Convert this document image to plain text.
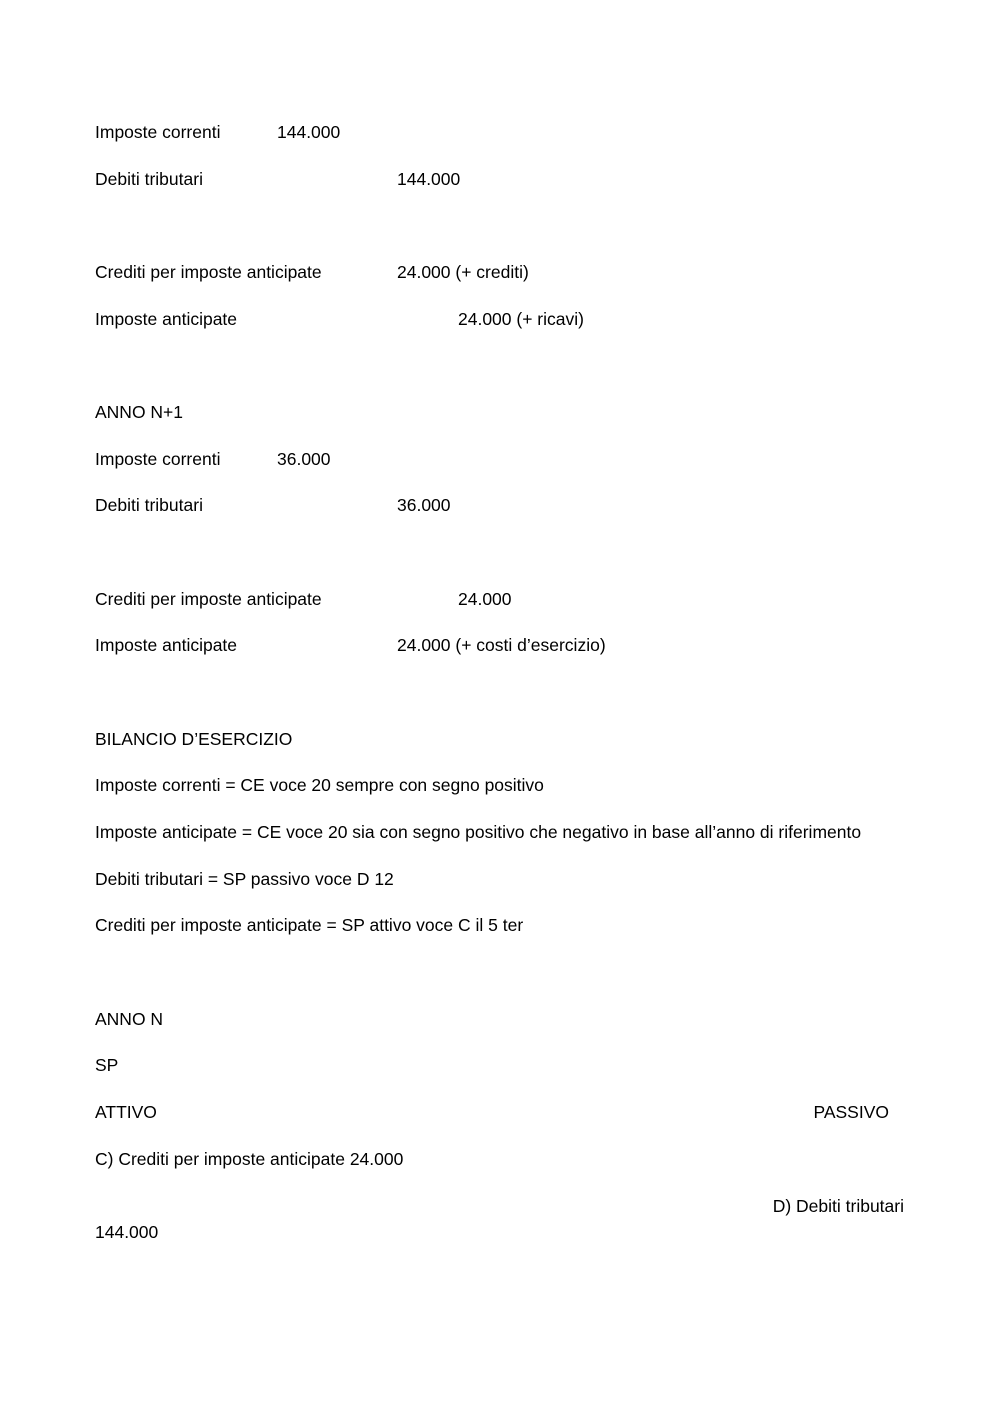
Imposte correnti	144.000
Debiti tributari	144.000
Crediti per imposte anticipate	24.000 (+ crediti)
Imposte anticipate	24.000 (+ ricavi)
ANNO N+1
Imposte correnti	36.000
Debiti tributari	36.000
Crediti per imposte anticipate	24.000
Imposte anticipate	24.000 (+ costi d’esercizio)
BILANCIO D’ESERCIZIO
Imposte correnti = CE voce 20 sempre con segno positivo
Imposte anticipate = CE voce 20 sia con segno positivo che negativo in base all’anno di riferimento
Debiti tributari = SP passivo voce D 12
Crediti per imposte anticipate = SP attivo voce C il 5 ter
ANNO N
SP
ATTIVO	PASSIVO
C) Crediti per imposte anticipate 24.000
D) Debiti tributari
144.000
